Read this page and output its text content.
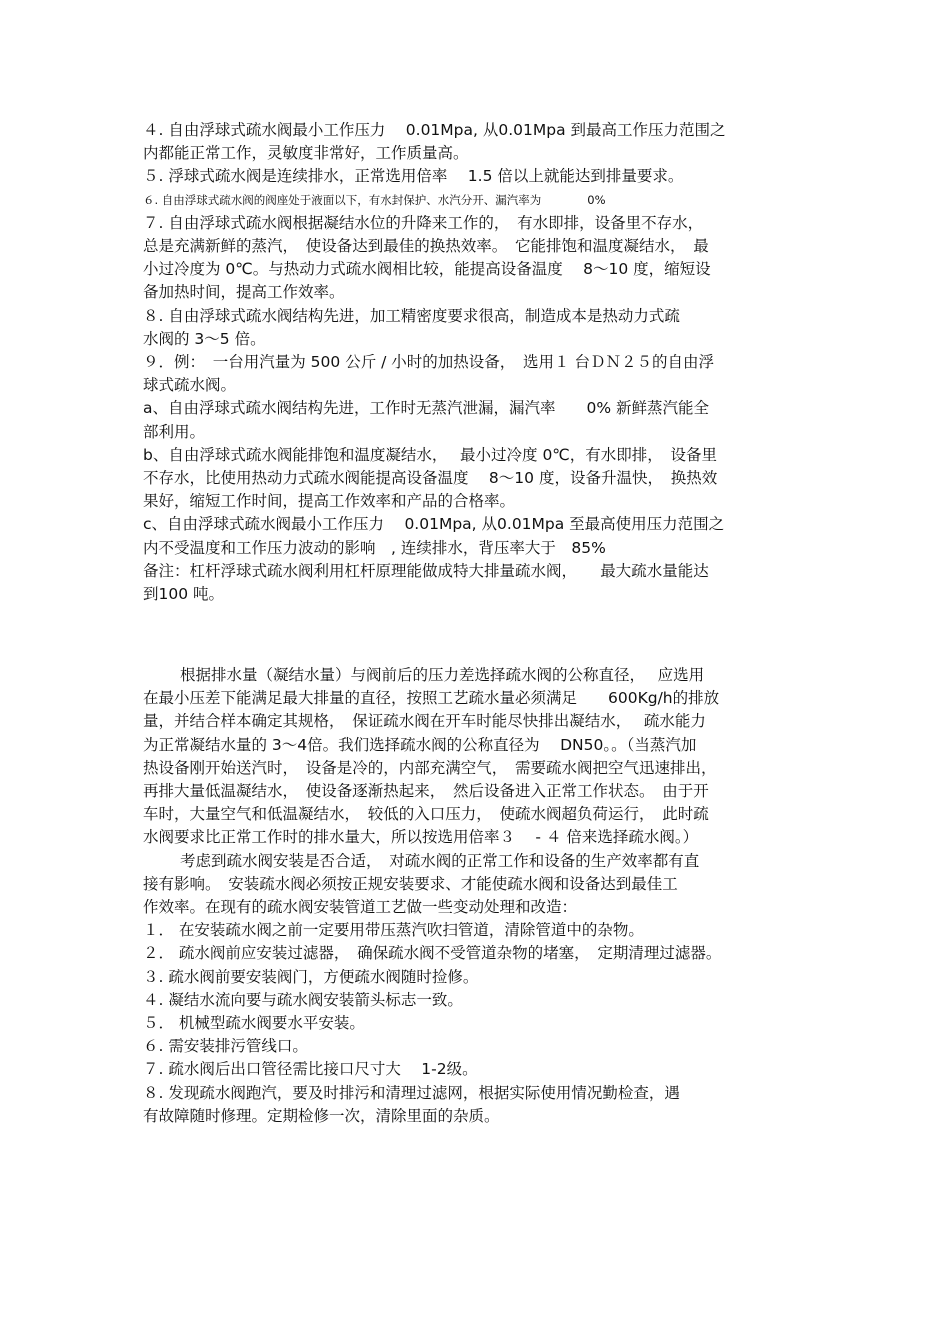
４. 自由浮球式疏水阀最小工作压力　 0.01Mpa, 从0.01Mpa 到最高工作压力范围之

内都能正常工作，灵敏度非常好，工作质量高。

５. 浮球式疏水阀是连续排水，正常选用倍率　 1.5 倍以上就能达到排量要求。

６. 自由浮球式疏水阀的阀座处于液面以下，有水封保护、水汽分开、漏汽率为　　　　0%

７. 自由浮球式疏水阀根据凝结水位的升降来工作的，　有水即排，设备里不存水，

总是充满新鲜的蒸汽，　使设备达到最佳的换热效率。　它能排饱和温度凝结水，　最

小过冷度为 0℃。与热动力式疏水阀相比较，能提高设备温度　 8～10 度，缩短设

备加热时间，提高工作效率。

８. 自由浮球式疏水阀结构先进，加工精密度要求很高，制造成本是热动力式疏

水阀的 3～5 倍。

９．例：　一台用汽量为 500 公斤 / 小时的加热设备，　选用１ 台ＤＮ２５的自由浮

球式疏水阀。

a、自由浮球式疏水阀结构先进，工作时无蒸汽泄漏，漏汽率　　0% 新鲜蒸汽能全

部利用。

b、自由浮球式疏水阀能排饱和温度凝结水，　 最小过冷度 0℃，有水即排，　设备里

不存水，比使用热动力式疏水阀能提高设备温度　 8～10 度，设备升温快，　换热效

果好，缩短工作时间，提高工作效率和产品的合格率。

c、自由浮球式疏水阀最小工作压力　 0.01Mpa, 从0.01Mpa 至最高使用压力范围之

内不受温度和工作压力波动的影响　, 连续排水，背压率大于　85%

备注：杠杆浮球式疏水阀利用杠杆原理能做成特大排量疏水阀，　　最大疏水量能达

到100 吨。

根据排水量（凝结水量）与阀前后的压力差选择疏水阀的公称直径，　 应选用

在最小压差下能满足最大排量的直径，按照工艺疏水量必须满足　　600Kg/h的排放

量，并结合样本确定其规格，　保证疏水阀在开车时能尽快排出凝结水，　 疏水能力

为正常凝结水量的 3～4倍。我们选择疏水阀的公称直径为　 DN50。。（当蒸汽加

热设备刚开始送汽时，　设备是冷的，内部充满空气，　需要疏水阀把空气迅速排出，

再排大量低温凝结水，　使设备逐渐热起来，　然后设备进入正常工作状态。　由于开

车时，大量空气和低温凝结水，　较低的入口压力，　使疏水阀超负荷运行，　此时疏

水阀要求比正常工作时的排水量大，所以按选用倍率３　 - ４ 倍来选择疏水阀。）

考虑到疏水阀安装是否合适，　对疏水阀的正常工作和设备的生产效率都有直

接有影响。　安装疏水阀必须按正规安装要求、才能使疏水阀和设备达到最佳工

作效率。在现有的疏水阀安装管道工艺做一些变动处理和改造：

１． 在安装疏水阀之前一定要用带压蒸汽吹扫管道，清除管道中的杂物。

２． 疏水阀前应安装过滤器，　确保疏水阀不受管道杂物的堵塞，　定期清理过滤器。

３. 疏水阀前要安装阀门，方便疏水阀随时捡修。

４. 凝结水流向要与疏水阀安装箭头标志一致。

５． 机械型疏水阀要水平安装。

６. 需安装排污管线口。

７. 疏水阀后出口管径需比接口尺寸大　 1-2级。

８. 发现疏水阀跑汽，要及时排污和清理过滤网，根据实际使用情况勤检查，遇

有故障随时修理。定期检修一次，清除里面的杂质。
